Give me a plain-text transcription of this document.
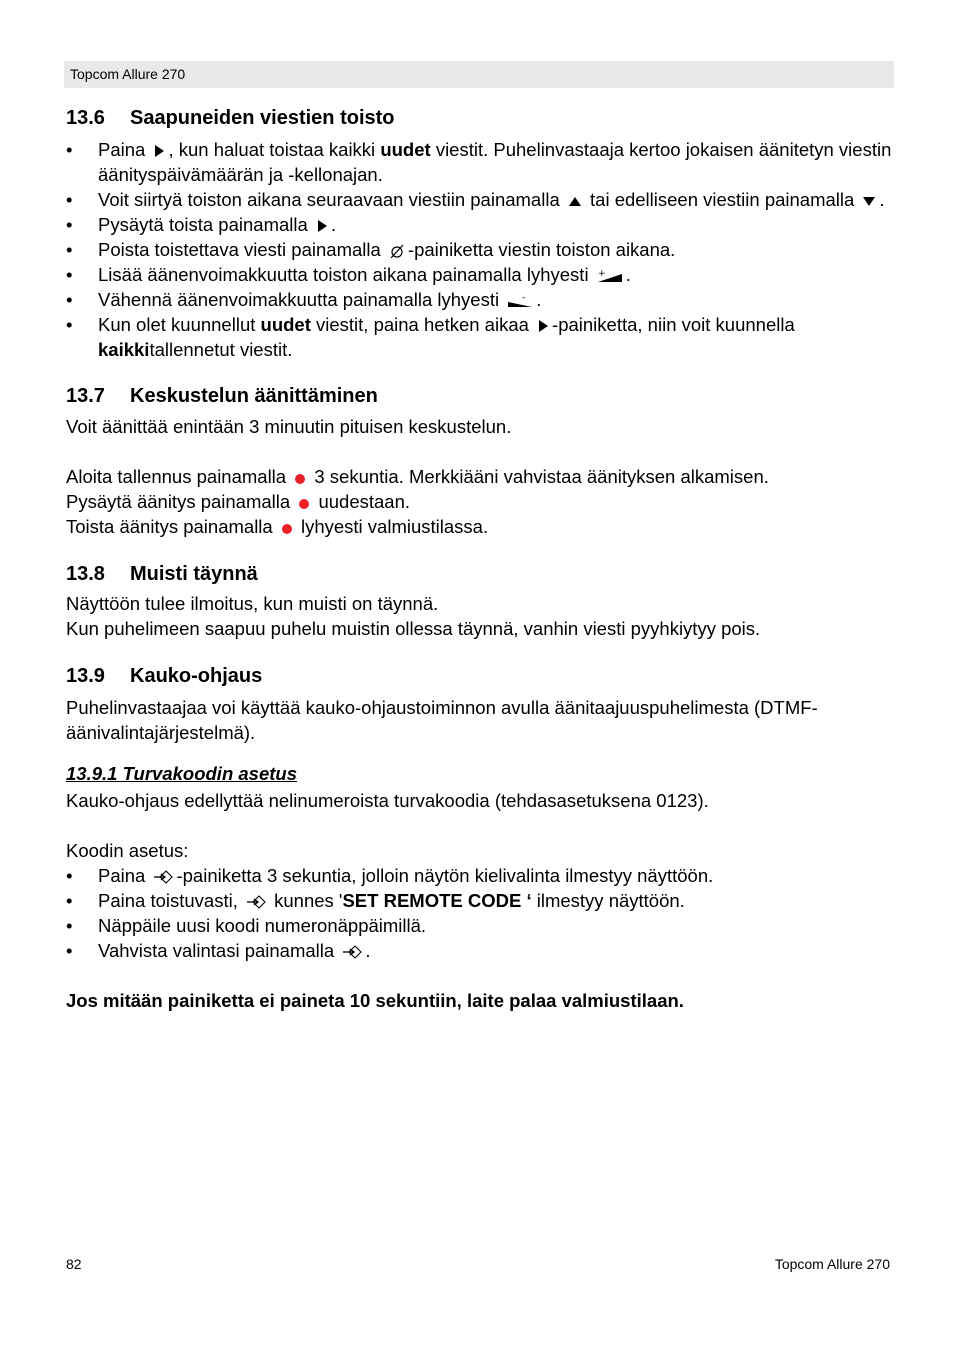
Topcom Allure 270
13.6 Saapuneiden viestien toisto
• Paina , kun haluat toistaa kaikki uudet viestit. Puhelinvastaaja kertoo jokaisen äänitetyn viestin äänityspäivämäärän ja -kellonajan.
• Voit siirtyä toiston aikana seuraavaan viestiin painamalla tai edelliseen viestiin painamalla .
• Pysäytä toista painamalla .
• Poista toistettava viesti painamalla -painiketta viestin toiston aikana.
• Lisää äänenvoimakkuutta toiston aikana painamalla lyhyesti + .
• Vähennä äänenvoimakkuutta painamalla lyhyesti	- .
• Kun olet kuunnellut uudet viestit, paina hetken aikaa -painiketta, niin voit kuunnella kaikkitallennetut viestit.
13.7 Keskustelun äänittäminen

Voit äänittää enintään 3 minuutin pituisen keskustelun.

Aloita tallennus painamalla 3 sekuntia. Merkkiääni vahvistaa äänityksen alkamisen.

Pysäytä äänitys painamalla uudestaan.

Toista äänitys painamalla lyhyesti valmiustilassa.

13.8 Muisti täynnä

Näyttöön tulee ilmoitus, kun muisti on täynnä.

Kun puhelimeen saapuu puhelu muistin ollessa täynnä, vanhin viesti pyyhkiytyy pois.

13.9 Kauko-ohjaus

Puhelinvastaajaa voi käyttää kauko-ohjaustoiminnon avulla äänitaajuuspuhelimesta (DTMF-äänivalintajärjestelmä).

13.9.1 Turvakoodin asetus

Kauko-ohjaus edellyttää nelinumeroista turvakoodia (tehdasasetuksena 0123).

Koodin asetus:

• Paina -painiketta 3 sekuntia, jolloin näytön kielivalinta ilmestyy näyttöön.
• Paina toistuvasti, kunnes 'SET REMOTE CODE ‘ ilmestyy näyttöön.
• Näppäile uusi koodi numeronäppäimillä.
• Vahvista valintasi painamalla .

Jos mitään painiketta ei paineta 10 sekuntiin, laite palaa valmiustilaan.

82	Topcom Allure 270
